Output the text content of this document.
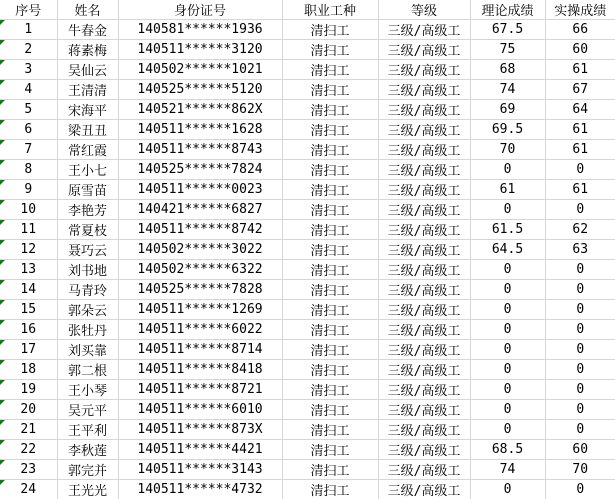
序号	姓名	身份证号	职业工种	等级	理论成绩	实操成绩

1	牛春金	140581******1936	清扫工	三级/高级工	67.5	66

2	蒋素梅	140511******3120	清扫工	三级/高级工	75	60

3	吴仙云	140502******1021	清扫工	三级/高级工	68	61

4	王清清	140525******5120	清扫工	三级/高级工	74	67

5	宋海平	140521******862X	清扫工	三级/高级工	69	64

6	梁丑丑	140511******1628	清扫工	三级/高级工	69.5	61

7	常红霞	140511******8743	清扫工	三级/高级工	70	61

8	王小七	140525******7824	清扫工	三级/高级工	0	0

9	原雪苗	140511******0023	清扫工	三级/高级工	61	61

10	李艳芳	140421******6827	清扫工	三级/高级工	0	0

11	常夏枝	140511******8742	清扫工	三级/高级工	61.5	62

12	聂巧云	140502******3022	清扫工	三级/高级工	64.5	63

13	刘书地	140502******6322	清扫工	三级/高级工	0	0

14	马青玲	140525******7828	清扫工	三级/高级工	0	0

15	郭朵云	140511******1269	清扫工	三级/高级工	0	0

16	张牡丹	140511******6022	清扫工	三级/高级工	0	0

17	刘买靠	140511******8714	清扫工	三级/高级工	0	0

18	郭二根	140511******8418	清扫工	三级/高级工	0	0

19	王小琴	140511******8721	清扫工	三级/高级工	0	0

20	吴元平	140511******6010	清扫工	三级/高级工	0	0

21	王平利	140511******873X	清扫工	三级/高级工	0	0

22	李秋莲	140511******4421	清扫工	三级/高级工	68.5	60

23	郭完并	140511******3143	清扫工	三级/高级工	74	70

24	王光光	140511******4732	清扫工	三级/高级工	0	0
